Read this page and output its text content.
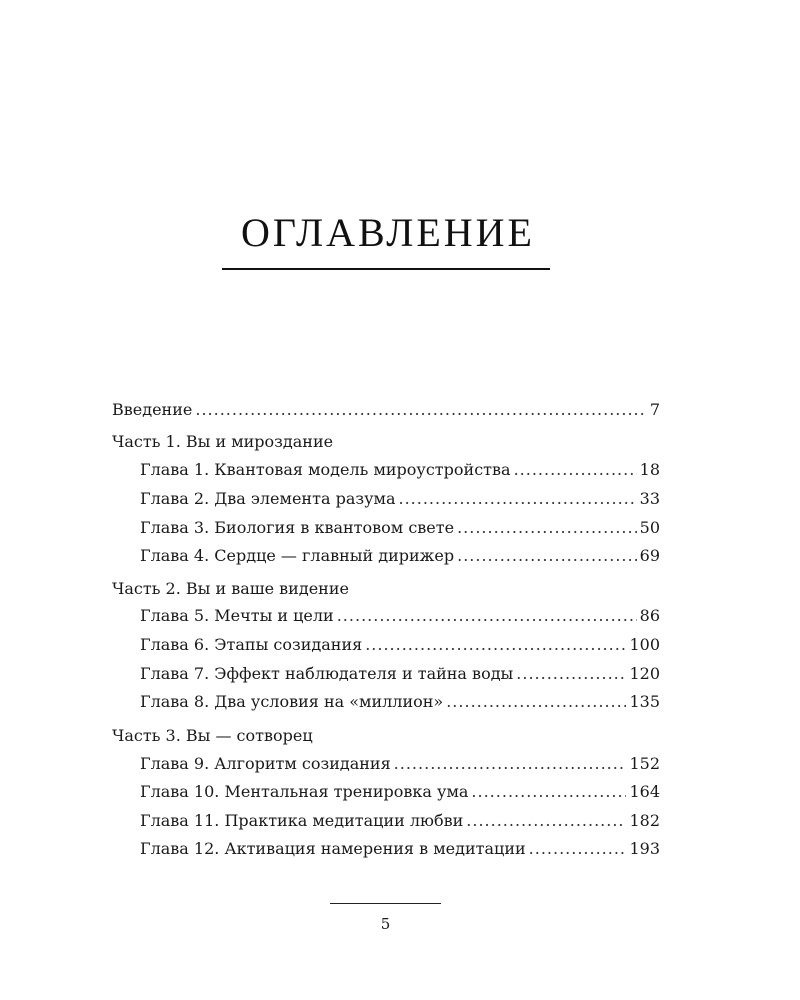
ОГЛАВЛЕНИЕ
Введение .....	7
Часть 1. Вы и мироздание
Глава 1. Квантовая модель мироустройства .....	18
Глава 2. Два элемента разума .....	33
Глава 3. Биология в квантовом свете .....	50
Глава 4. Сердце — главный дирижер .....	69
Часть 2. Вы и ваше видение
Глава 5. Мечты и цели .....	86
Глава 6. Этапы созидания .....	100
Глава 7. Эффект наблюдателя и тайна воды .....	120
Глава 8. Два условия на «миллион» .....	135
Часть 3. Вы — сотворец
Глава 9. Алгоритм созидания .....	152
Глава 10. Ментальная тренировка ума .....	164
Глава 11. Практика медитации любви .....	182
Глава 12. Активация намерения в медитации .....	193
5
